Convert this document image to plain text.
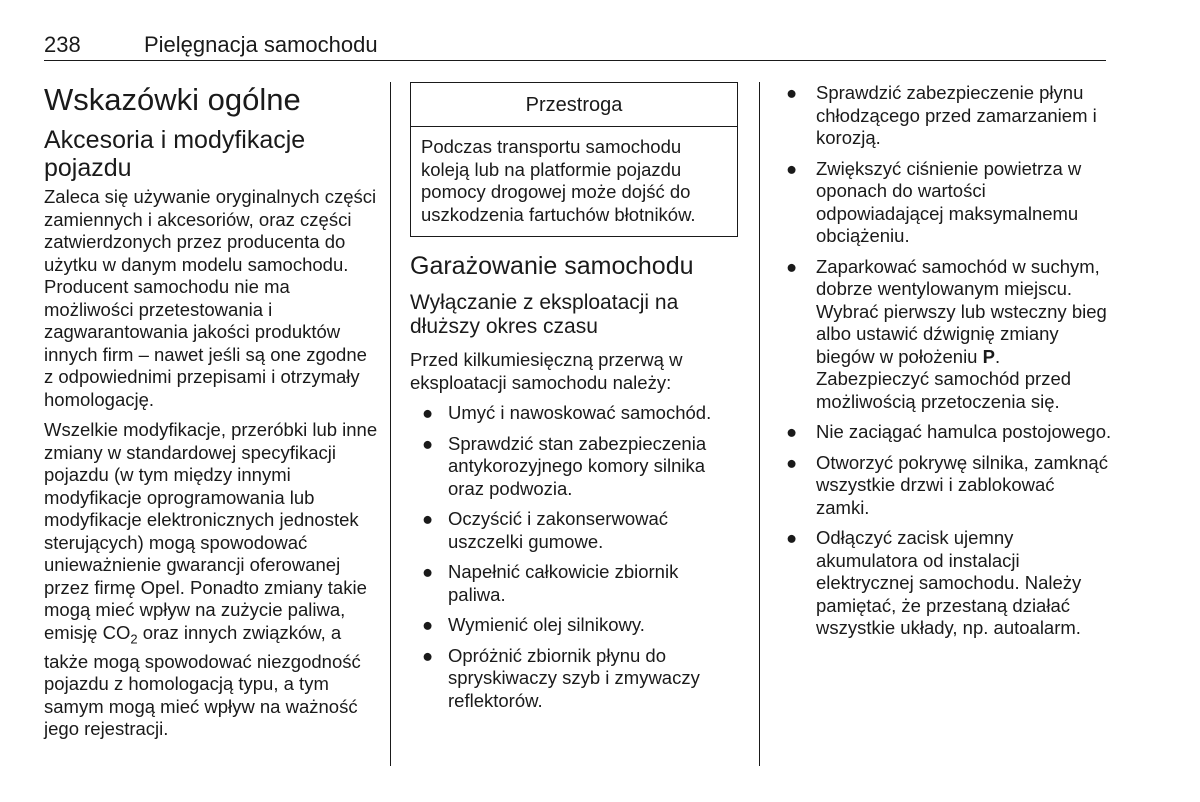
238	Pielęgnacja samochodu
Wskazówki ogólne
Akcesoria i modyfikacje pojazdu

Zaleca się używanie oryginalnych części zamiennych i akcesoriów, oraz części zatwierdzonych przez producenta do użytku w danym modelu samochodu. Producent samochodu nie ma możliwości przetestowania i zagwarantowania jakości produktów innych firm – nawet jeśli są one zgodne z odpowiednimi przepisami i otrzymały homologację.

Wszelkie modyfikacje, przeróbki lub inne zmiany w standardowej specyfikacji pojazdu (w tym między innymi modyfikacje oprogramowania lub modyfikacje elektronicznych jednostek sterujących) mogą spowodować unieważnienie gwarancji oferowanej przez firmę Opel. Ponadto zmiany takie mogą mieć wpływ na zużycie paliwa, emisję $CO_2$ oraz innych związków, a także mogą spowodować niezgodność pojazdu z homologacją typu, a tym samym mogą mieć wpływ na ważność jego rejestracji.

Przestroga
Podczas transportu samochodu koleją lub na platformie pojazdu pomocy drogowej może dojść do uszkodzenia fartuchów błotników.
Garażowanie samochodu
Wyłączanie z eksploatacji na dłuższy okres czasu

Przed kilkumiesięczną przerwą w eksploatacji samochodu należy:

● Umyć i nawoskować samochód.
● Sprawdzić stan zabezpieczenia antykorozyjnego komory silnika oraz podwozia.
● Oczyścić i zakonserwować uszczelki gumowe.
● Napełnić całkowicie zbiornik paliwa.
● Wymienić olej silnikowy.
● Opróżnić zbiornik płynu do spryskiwaczy szyb i zmywaczy reflektorów.
● Sprawdzić zabezpieczenie płynu chłodzącego przed zamarzaniem i korozją.
● Zwiększyć ciśnienie powietrza w oponach do wartości odpowiadającej maksymalnemu obciążeniu.
● Zaparkować samochód w suchym, dobrze wentylowanym miejscu. Wybrać pierwszy lub wsteczny bieg albo ustawić dźwignię zmiany biegów w położeniu P. Zabezpieczyć samochód przed możliwością przetoczenia się.
● Nie zaciągać hamulca postojowego.
● Otworzyć pokrywę silnika, zamknąć wszystkie drzwi i zablokować zamki.
● Odłączyć zacisk ujemny akumulatora od instalacji elektrycznej samochodu. Należy pamiętać, że przestaną działać wszystkie układy, np. autoalarm.
